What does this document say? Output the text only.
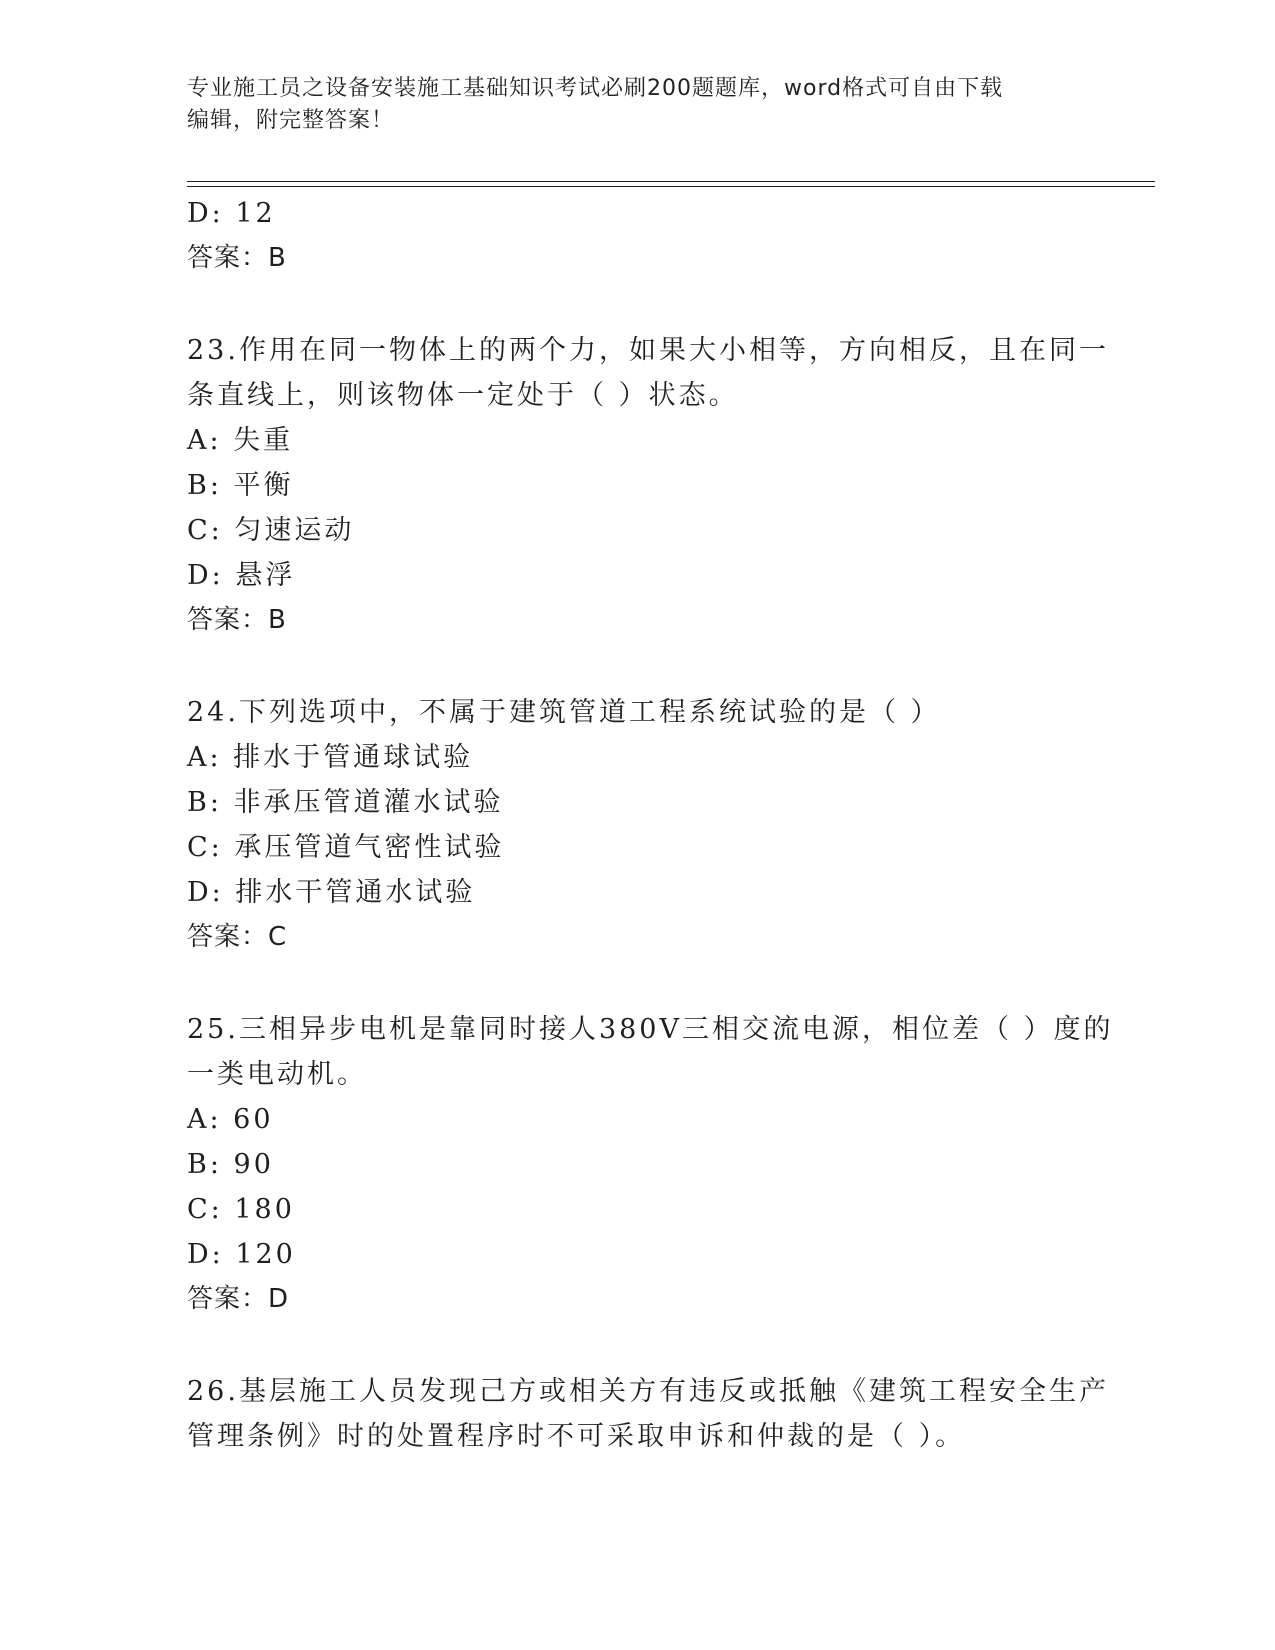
专业施工员之设备安装施工基础知识考试必刷200题题库，word格式可自由下载
编辑，附完整答案！
D: 12
答案：B
23.作用在同一物体上的两个力，如果大小相等，方向相反，且在同一
条直线上，则该物体一定处于（ ）状态。
A: 失重
B: 平衡
C: 匀速运动
D: 悬浮
答案：B
24.下列选项中，不属于建筑管道工程系统试验的是（ ）
A: 排水于管通球试验
B: 非承压管道灌水试验
C: 承压管道气密性试验
D: 排水干管通水试验
答案：C
25.三相异步电机是靠同时接人380V三相交流电源，相位差（ ）度的
一类电动机。
A: 60
B: 90
C: 180
D: 120
答案：D
26.基层施工人员发现己方或相关方有违反或抵触《建筑工程安全生产
管理条例》时的处置程序时不可采取申诉和仲裁的是（ ）。
